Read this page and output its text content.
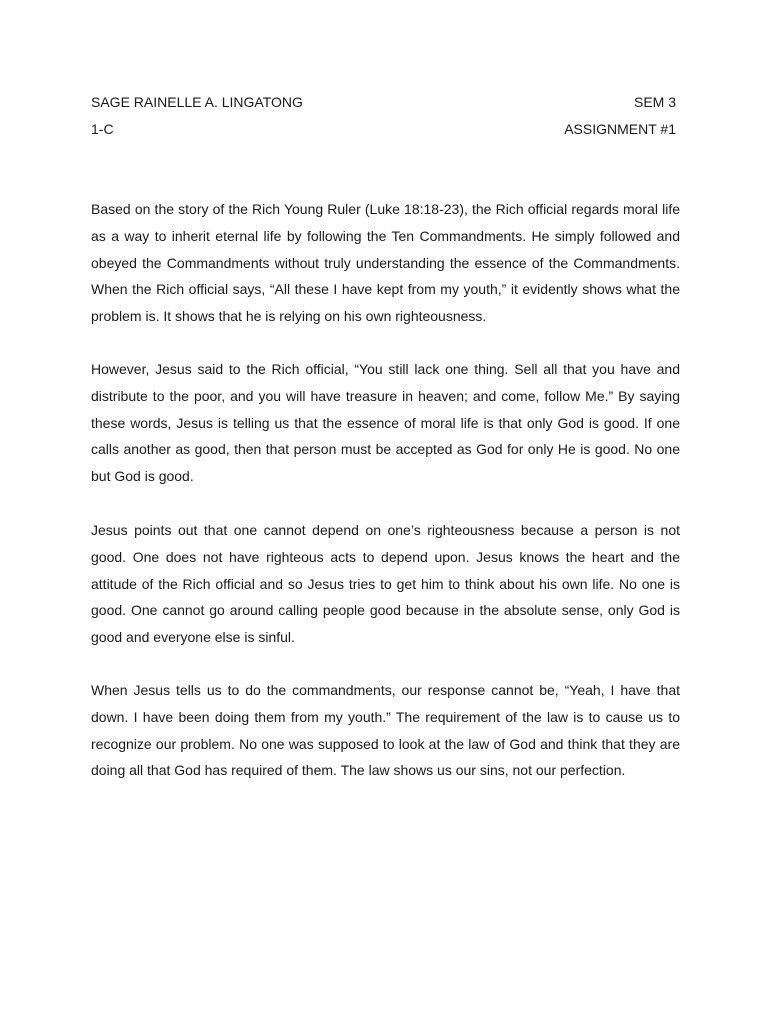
SAGE RAINELLE A. LINGATONG	SEM 3
1-C	ASSIGNMENT #1

Based on the story of the Rich Young Ruler (Luke 18:18-23), the Rich official regards moral life as a way to inherit eternal life by following the Ten Commandments. He simply followed and obeyed the Commandments without truly understanding the essence of the Commandments. When the Rich official says, “All these I have kept from my youth,” it evidently shows what the problem is. It shows that he is relying on his own righteousness.

However, Jesus said to the Rich official, “You still lack one thing. Sell all that you have and distribute to the poor, and you will have treasure in heaven; and come, follow Me.” By saying these words, Jesus is telling us that the essence of moral life is that only God is good. If one calls another as good, then that person must be accepted as God for only He is good. No one but God is good.

Jesus points out that one cannot depend on one’s righteousness because a person is not good. One does not have righteous acts to depend upon. Jesus knows the heart and the attitude of the Rich official and so Jesus tries to get him to think about his own life. No one is good. One cannot go around calling people good because in the absolute sense, only God is good and everyone else is sinful.

When Jesus tells us to do the commandments, our response cannot be, “Yeah, I have that down. I have been doing them from my youth.” The requirement of the law is to cause us to recognize our problem. No one was supposed to look at the law of God and think that they are doing all that God has required of them. The law shows us our sins, not our perfection.
